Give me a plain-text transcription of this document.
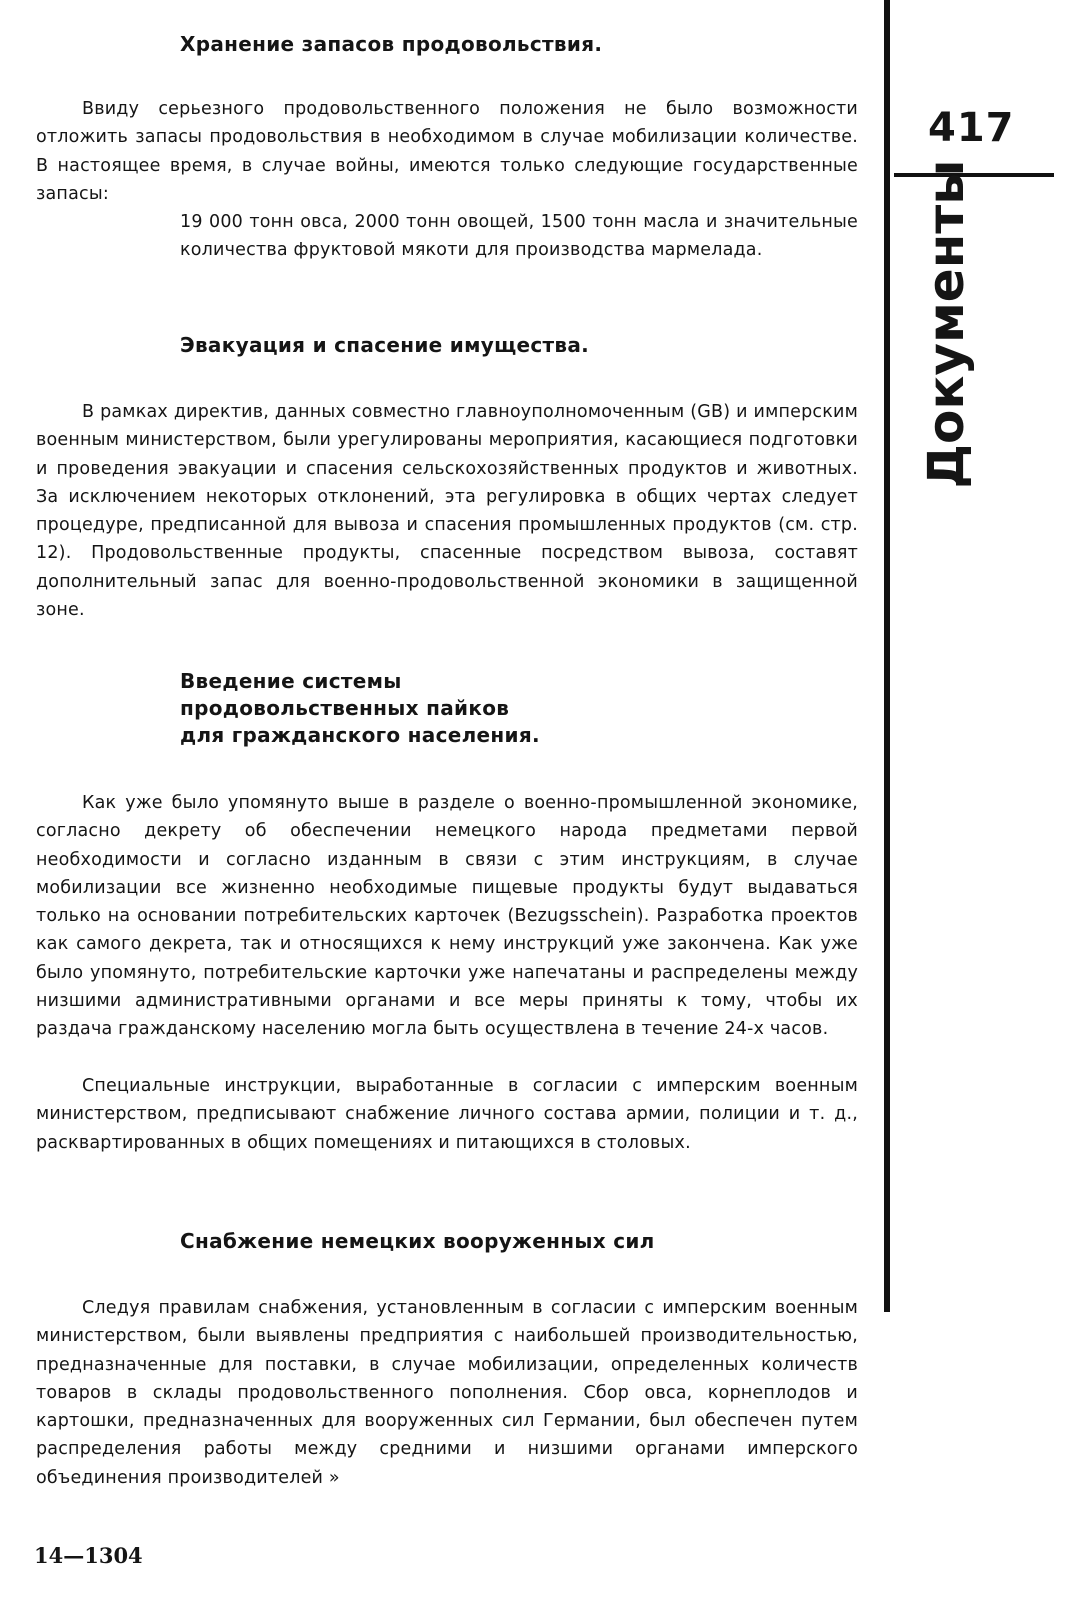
Хранение запасов продовольствия.

Ввиду серьезного продовольственного положения не было возможности отложить запасы продовольствия в необходимом в случае мобилизации количестве. В настоящее время, в случае войны, имеются только следующие государственные запасы:

19 000 тонн овса, 2000 тонн овощей, 1500 тонн масла и значительные количества фруктовой мякоти для производства мармелада.

Эвакуация и спасение имущества.

В рамках директив, данных совместно главноуполномоченным (GB) и имперским военным министерством, были урегулированы мероприятия, касающиеся подготовки и проведения эвакуации и спасения сельскохозяйственных продуктов и животных. За исключением некоторых отклонений, эта регулировка в общих чертах следует процедуре, предписанной для вывоза и спасения промышленных продуктов (см. стр. 12). Продовольственные продукты, спасенные посредством вывоза, составят дополнительный запас для военно-продовольственной экономики в защищенной зоне.

Введение системы
продовольственных пайков
для гражданского населения.

Как уже было упомянуто выше в разделе о военно-промышленной экономике, согласно декрету об обеспечении немецкого народа предметами первой необходимости и согласно изданным в связи с этим инструкциям, в случае мобилизации все жизненно необходимые пищевые продукты будут выдаваться только на основании потребительских карточек (Bezugsschein). Разработка проектов как самого декрета, так и относящихся к нему инструкций уже закончена. Как уже было упомянуто, потребительские карточки уже напечатаны и распределены между низшими административными органами и все меры приняты к тому, чтобы их раздача гражданскому населению могла быть осуществлена в течение 24-х часов.

Специальные инструкции, выработанные в согласии с имперским военным министерством, предписывают снабжение личного состава армии, полиции и т. д., расквартированных в общих помещениях и питающихся в столовых.

Снабжение немецких вооруженных сил

Следуя правилам снабжения, установленным в согласии с имперским военным министерством, были выявлены предприятия с наибольшей производительностью, предназначенные для поставки, в случае мобилизации, определенных количеств товаров в склады продовольственного пополнения. Сбор овса, корнеплодов и картошки, предназначенных для вооруженных сил Германии, был обеспечен путем распределения работы между средними и низшими органами имперского объединения производителей »

417
Документы
14—1304
